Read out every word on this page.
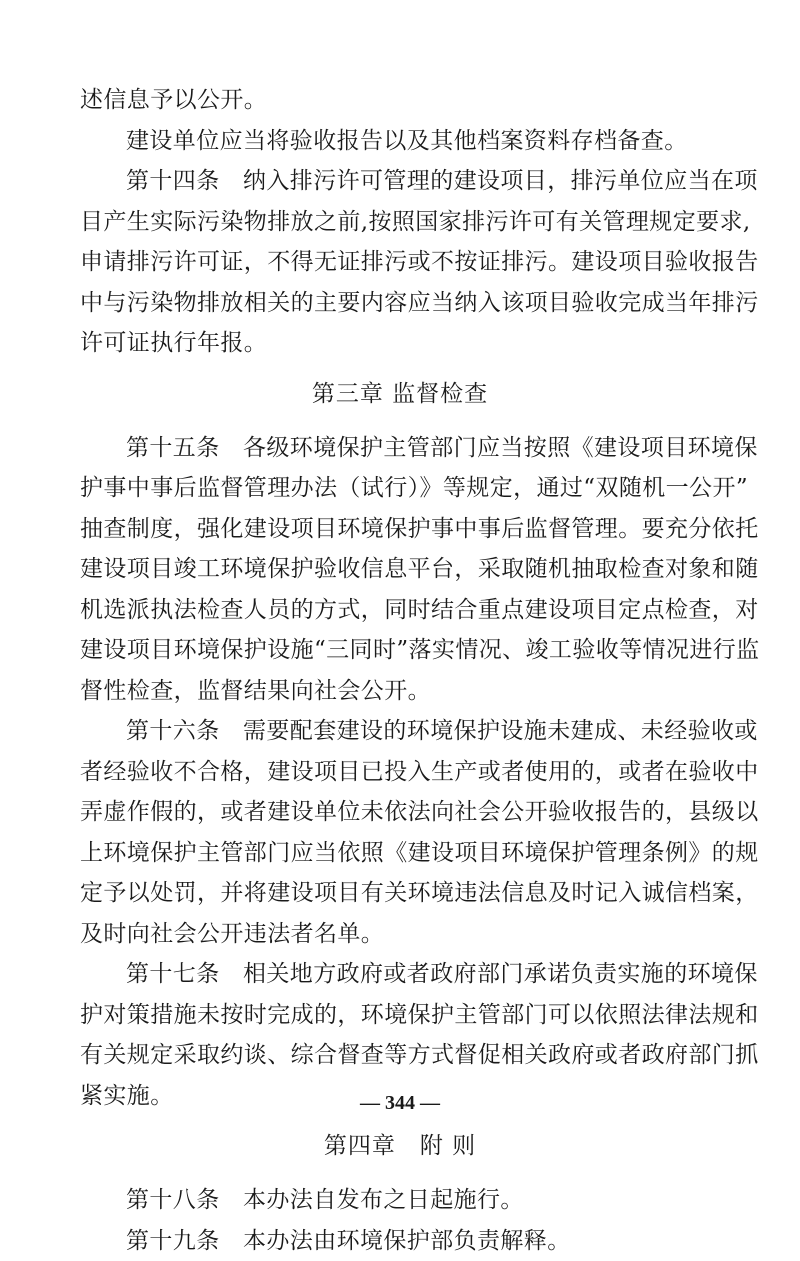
述信息予以公开。
建设单位应当将验收报告以及其他档案资料存档备查。
第十四条　纳入排污许可管理的建设项目，排污单位应当在项
目产生实际污染物排放之前,按照国家排污许可有关管理规定要求,
申请排污许可证，不得无证排污或不按证排污。建设项目验收报告
中与污染物排放相关的主要内容应当纳入该项目验收完成当年排污
许可证执行年报。
第三章 监督检查
第十五条　各级环境保护主管部门应当按照《建设项目环境保
护事中事后监督管理办法（试行）》等规定，通过“双随机一公开”
抽查制度，强化建设项目环境保护事中事后监督管理。要充分依托
建设项目竣工环境保护验收信息平台，采取随机抽取检查对象和随
机选派执法检查人员的方式，同时结合重点建设项目定点检查，对
建设项目环境保护设施“三同时”落实情况、竣工验收等情况进行监
督性检查，监督结果向社会公开。
第十六条　需要配套建设的环境保护设施未建成、未经验收或
者经验收不合格，建设项目已投入生产或者使用的，或者在验收中
弄虚作假的，或者建设单位未依法向社会公开验收报告的，县级以
上环境保护主管部门应当依照《建设项目环境保护管理条例》的规
定予以处罚，并将建设项目有关环境违法信息及时记入诚信档案，
及时向社会公开违法者名单。
第十七条　相关地方政府或者政府部门承诺负责实施的环境保
护对策措施未按时完成的，环境保护主管部门可以依照法律法规和
有关规定采取约谈、综合督查等方式督促相关政府或者政府部门抓
紧实施。
第四章　附 则
第十八条　本办法自发布之日起施行。
第十九条　本办法由环境保护部负责解释。
— 344 —
